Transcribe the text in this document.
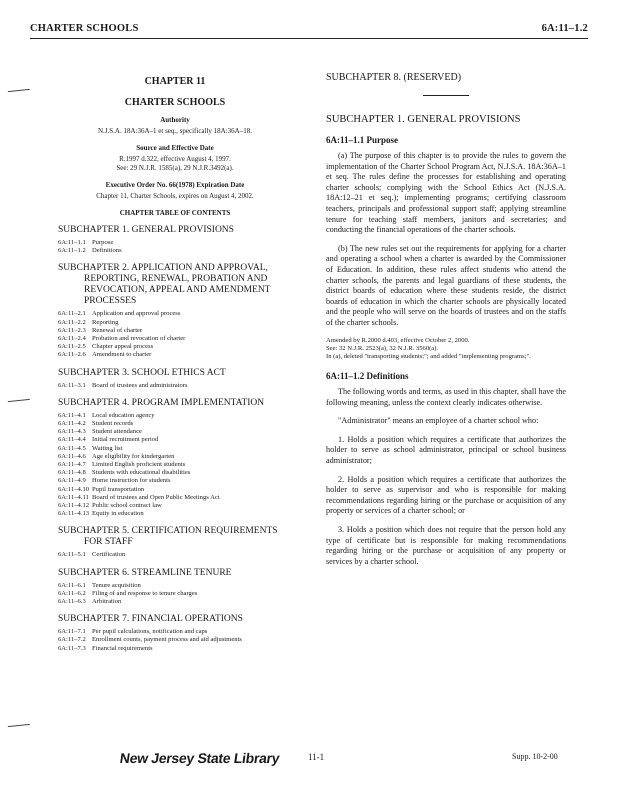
CHARTER SCHOOLS	6A:11–1.2
CHAPTER 11
CHARTER SCHOOLS
Authority
N.J.S.A. 18A:36A–1 et seq., specifically 18A:36A–18.
Source and Effective Date
R.1997 d.322, effective August 4, 1997.
See: 29 N.J.R. 1585(a), 29 N.J.R.3492(a).
Executive Order No. 66(1978) Expiration Date
Chapter 11, Charter Schools, expires on August 4, 2002.
CHAPTER TABLE OF CONTENTS
SUBCHAPTER 1. GENERAL PROVISIONS
6A:11–1.1 Purpose
6A:11–1.2 Definitions
SUBCHAPTER 2. APPLICATION AND APPROVAL,
REPORTING, RENEWAL, PROBATION AND
REVOCATION, APPEAL AND AMENDMENT
PROCESSES
6A:11–2.1 Application and approval process
6A:11–2.2 Reporting
6A:11–2.3 Renewal of charter
6A:11–2.4 Probation and revocation of charter
6A:11–2.5 Chapter appeal process
6A:11–2.6 Amendment to charter
SUBCHAPTER 3. SCHOOL ETHICS ACT
6A:11–3.1 Board of trustees and administrators
SUBCHAPTER 4. PROGRAM IMPLEMENTATION
6A:11–4.1 Local education agency
6A:11–4.2 Student records
6A:11–4.3 Student attendance
6A:11–4.4 Initial recruitment period
6A:11–4.5 Waiting list
6A:11–4.6 Age eligibility for kindergarten
6A:11–4.7 Limited English proficient students
6A:11–4.8 Students with educational disabilities
6A:11–4.9 Home instruction for students
6A:11–4.10 Pupil transportation
6A:11–4.11 Board of trustees and Open Public Meetings Act
6A:11–4.12 Public school contract law
6A:11–4.13 Equity in education
SUBCHAPTER 5. CERTIFICATION REQUIREMENTS
FOR STAFF
6A:11–5.1 Certification
SUBCHAPTER 6. STREAMLINE TENURE
6A:11–6.1 Tenure acquisition
6A:11–6.2 Filing of and response to tenure charges
6A:11–6.3 Arbitration
SUBCHAPTER 7. FINANCIAL OPERATIONS
6A:11–7.1 Per pupil calculations, notification and caps
6A:11–7.2 Enrollment counts, payment process and aid adjustments
6A:11–7.3 Financial requirements
SUBCHAPTER 8. (RESERVED)
SUBCHAPTER 1. GENERAL PROVISIONS
6A:11–1.1 Purpose
(a) The purpose of this chapter is to provide the rules to govern the implementation of the Charter School Program Act, N.J.S.A. 18A:36A–1 et seq. The rules define the processes for establishing and operating charter schools; complying with the School Ethics Act (N.J.S.A. 18A:12–21 et seq.); implementing programs; certifying classroom teachers, principals and professional support staff; applying streamline tenure for teaching staff members, janitors and secretaries; and conducting the financial operations of the charter schools.
(b) The new rules set out the requirements for applying for a charter and operating a school when a charter is awarded by the Commissioner of Education. In addition, these rules affect students who attend the charter schools, the parents and legal guardians of these students, the district boards of education where these students reside, the district boards of education in which the charter schools are physically located and the people who will serve on the boards of trustees and on the staffs of the charter schools.
Amended by R.2000 d.403, effective October 2, 2000.
See: 32 N.J.R. 2523(a), 32 N.J.R. 3560(a).
In (a), deleted "transporting students;"; and added "implementing programs;".
6A:11–1.2 Definitions
The following words and terms, as used in this chapter, shall have the following meaning, unless the context clearly indicates otherwise.
"Administrator" means an employee of a charter school who:
1. Holds a position which requires a certificate that authorizes the holder to serve as school administrator, principal or school business administrator;
2. Holds a position which requires a certificate that authorizes the holder to serve as supervisor and who is responsible for making recommendations regarding hiring or the purchase or acquisition of any property or services of a charter school; or
3. Holds a position which does not require that the person hold any type of certificate but is responsible for making recommendations regarding hiring or the purchase or acquisition of any property or services by a charter school.
New Jersey State Library	11-1	Supp. 10-2-00
